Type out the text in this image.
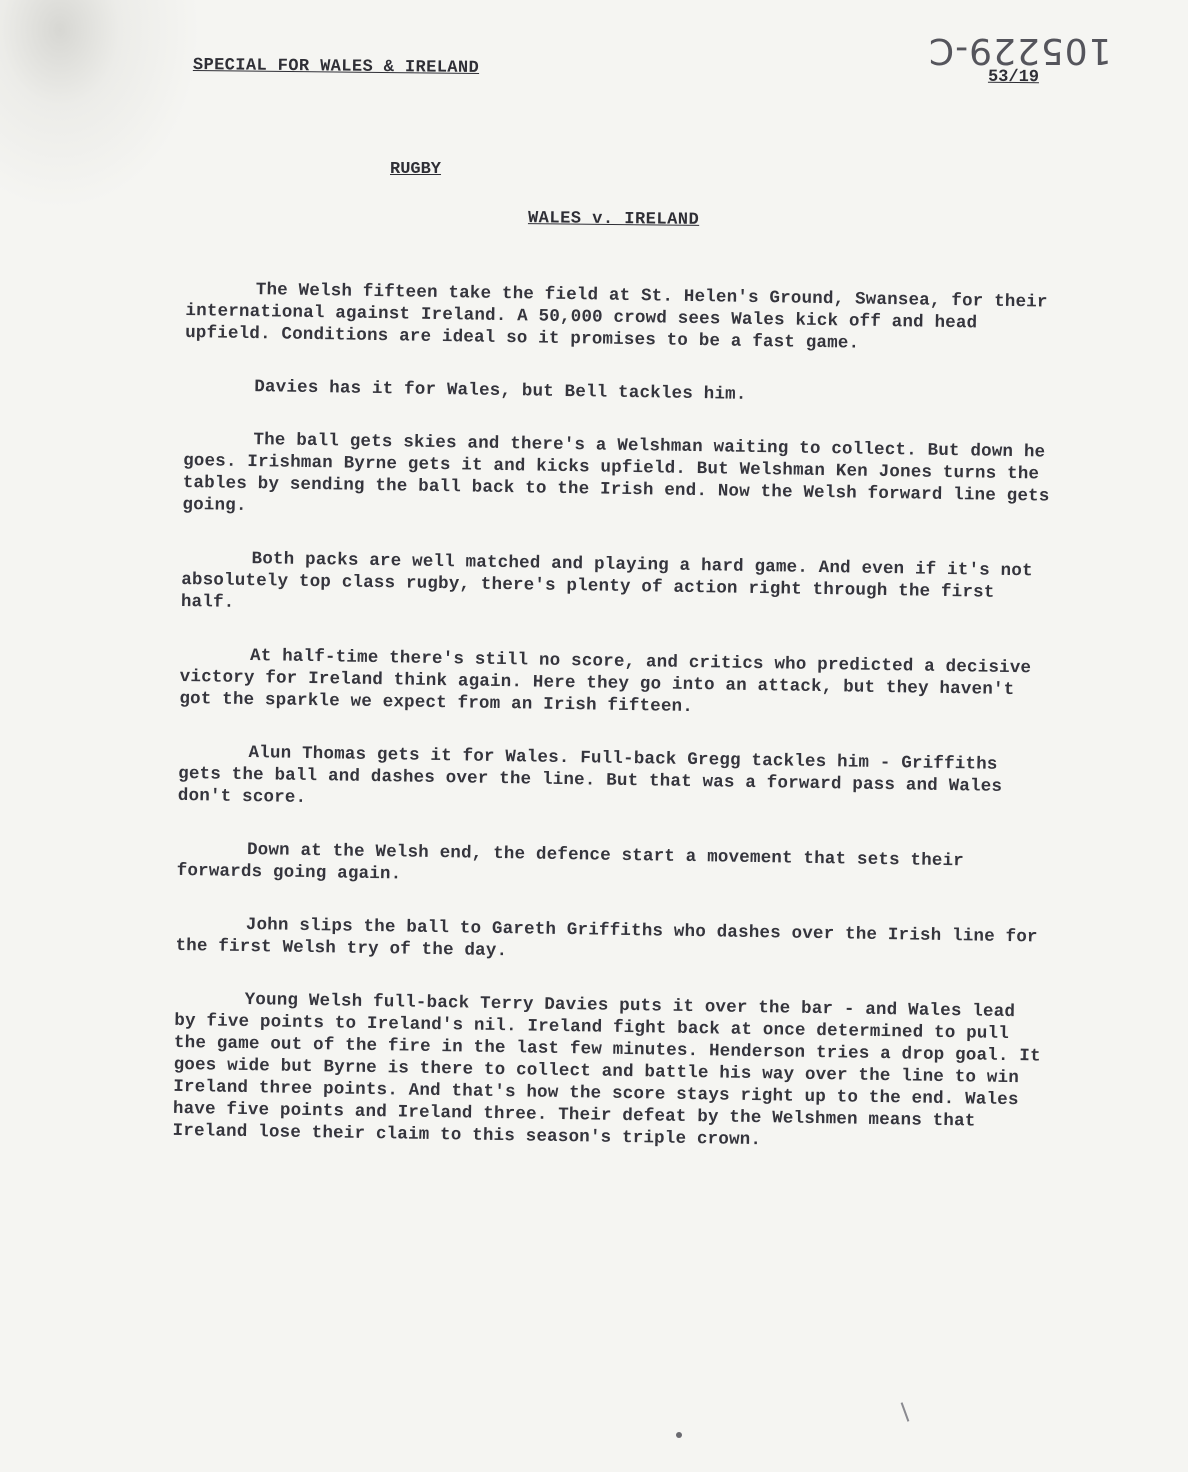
SPECIAL FOR WALES & IRELAND	105229-C
53/19
RUGBY
WALES v. IRELAND

The Welsh fifteen take the field at St. Helen's Ground, Swansea, for their international against Ireland. A 50,000 crowd sees Wales kick off and head upfield. Conditions are ideal so it promises to be a fast game.

Davies has it for Wales, but Bell tackles him.

The ball gets skies and there's a Welshman waiting to collect. But down he goes. Irishman Byrne gets it and kicks upfield. But Welshman Ken Jones turns the tables by sending the ball back to the Irish end. Now the Welsh forward line gets going.

Both packs are well matched and playing a hard game. And even if it's not absolutely top class rugby, there's plenty of action right through the first half.

At half-time there's still no score, and critics who predicted a decisive victory for Ireland think again. Here they go into an attack, but they haven't got the sparkle we expect from an Irish fifteen.

Alun Thomas gets it for Wales. Full-back Gregg tackles him - Griffiths gets the ball and dashes over the line. But that was a forward pass and Wales don't score.

Down at the Welsh end, the defence start a movement that sets their forwards going again.

John slips the ball to Gareth Griffiths who dashes over the Irish line for the first Welsh try of the day.

Young Welsh full-back Terry Davies puts it over the bar - and Wales lead by five points to Ireland's nil. Ireland fight back at once determined to pull the game out of the fire in the last few minutes. Henderson tries a drop goal. It goes wide but Byrne is there to collect and battle his way over the line to win Ireland three points. And that's how the score stays right up to the end. Wales have five points and Ireland three. Their defeat by the Welshmen means that Ireland lose their claim to this season's triple crown.
